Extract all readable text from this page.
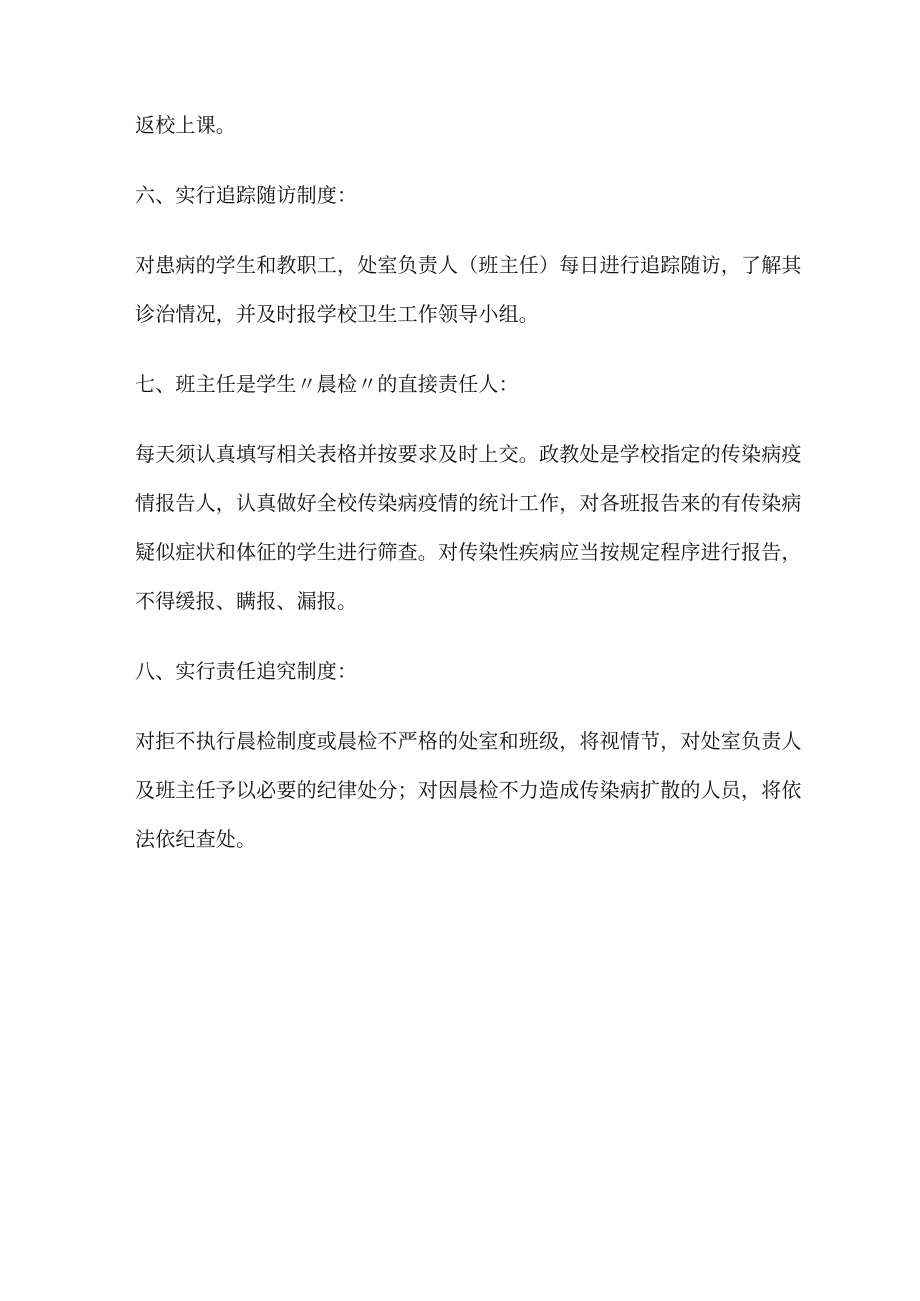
返校上课。
六、实行追踪随访制度：
对患病的学生和教职工，处室负责人（班主任）每日进行追踪随访，了解其
诊治情况，并及时报学校卫生工作领导小组。
七、班主任是学生〃晨检〃的直接责任人：
每天须认真填写相关表格并按要求及时上交。政教处是学校指定的传染病疫
情报告人，认真做好全校传染病疫情的统计工作，对各班报告来的有传染病
疑似症状和体征的学生进行筛查。对传染性疾病应当按规定程序进行报告，
不得缓报、瞒报、漏报。
八、实行责任追究制度：
对拒不执行晨检制度或晨检不严格的处室和班级，将视情节，对处室负责人
及班主任予以必要的纪律处分；对因晨检不力造成传染病扩散的人员，将依
法依纪查处。
